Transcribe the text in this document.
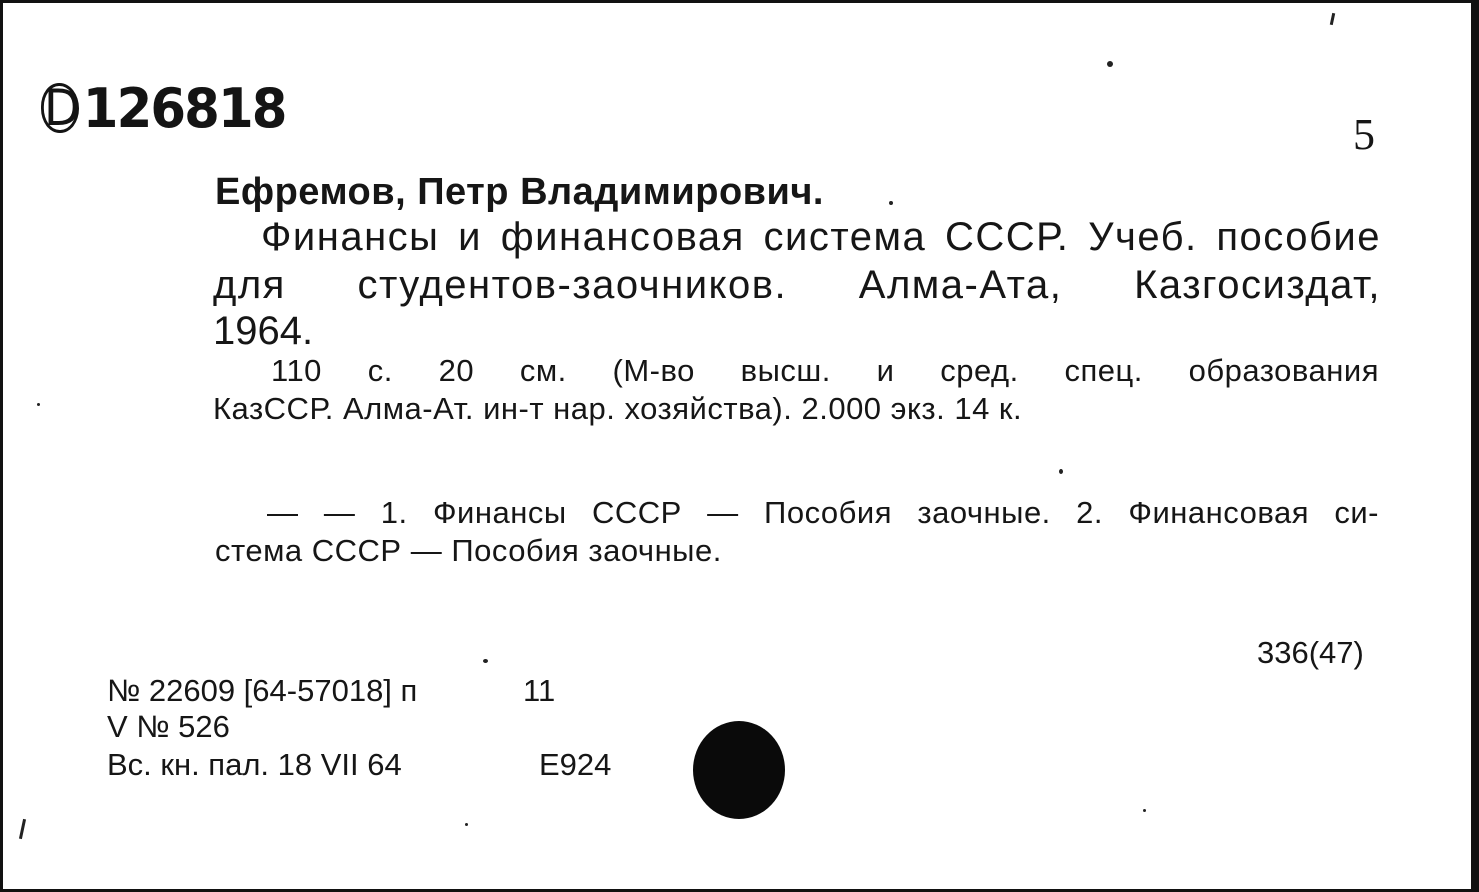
D126818	5
Ефремов, Петр Владимирович.
Финансы и финансовая система СССР. Учеб. пособие
для студентов-заочников. Алма-Ата, Казгосиздат,
1964.
110 с. 20 см. (М-во высш. и сред. спец. образования
КазССР. Алма-Ат. ин-т нар. хозяйства). 2.000 экз. 14 к.
— — 1. Финансы СССР — Пособия заочные. 2. Финансовая си-
стема СССР — Пособия заочные.
336(47)
№ 22609 [64-57018] п	11
V № 526
Вс. кн. пал. 18 VII 64	Е924
